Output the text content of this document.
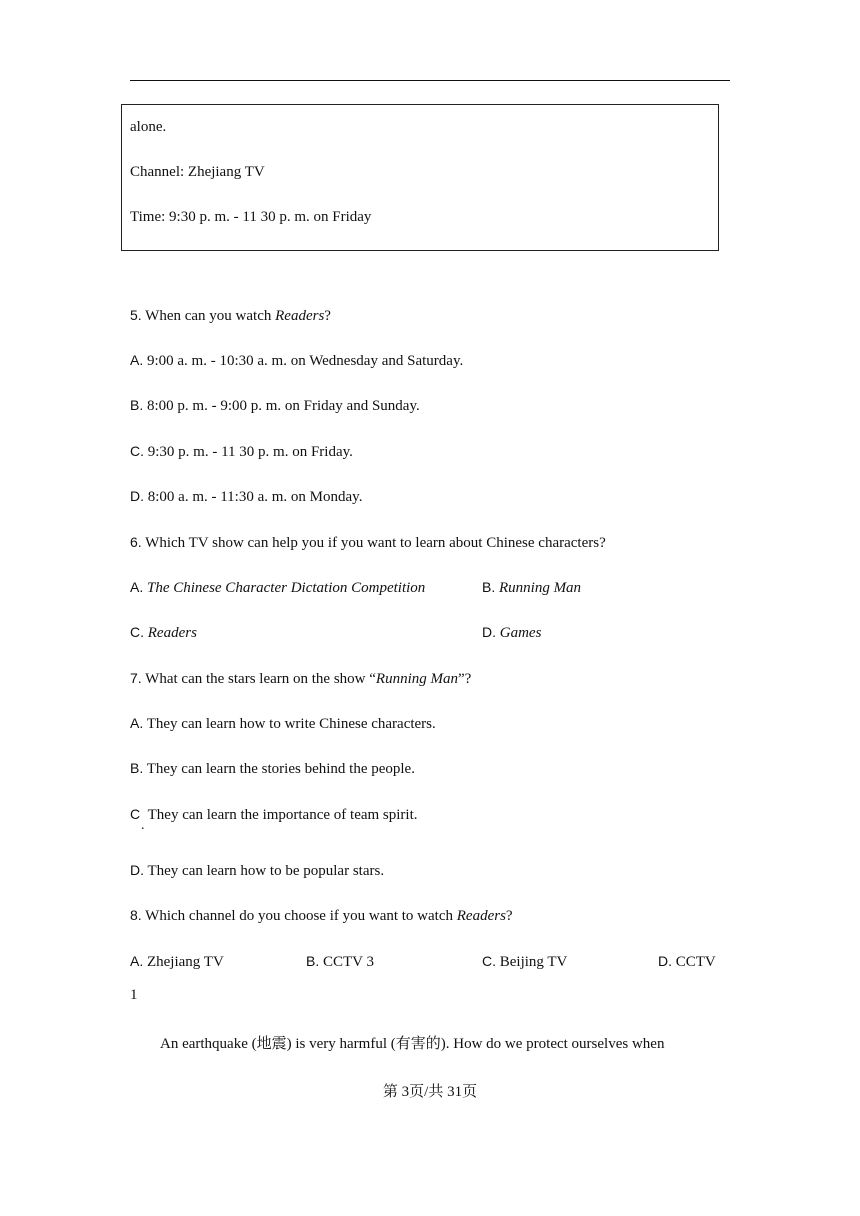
alone.
Channel: Zhejiang TV
Time: 9:30 p. m. - 11 30 p. m. on Friday
5. When can you watch Readers?
A. 9:00 a. m. - 10:30 a. m. on Wednesday and Saturday.
B. 8:00 p. m. - 9:00 p. m. on Friday and Sunday.
C. 9:30 p. m. - 11 30 p. m. on Friday.
D. 8:00 a. m. - 11:30 a. m. on Monday.
6. Which TV show can help you if you want to learn about Chinese characters?
A. The Chinese Character Dictation Competition	B. Running Man
C. Readers	D. Games
7. What can the stars learn on the show “Running Man”?
A. They can learn how to write Chinese characters.
B. They can learn the stories behind the people.
C They can learn the importance of team spirit.
.
D. They can learn how to be popular stars.
8. Which channel do you choose if you want to watch Readers?
A. Zhejiang TV	B. CCTV 3	C. Beijing TV	D. CCTV
1
An earthquake (地震) is very harmful (有害的). How do we protect ourselves when
第 3页/共 31页
